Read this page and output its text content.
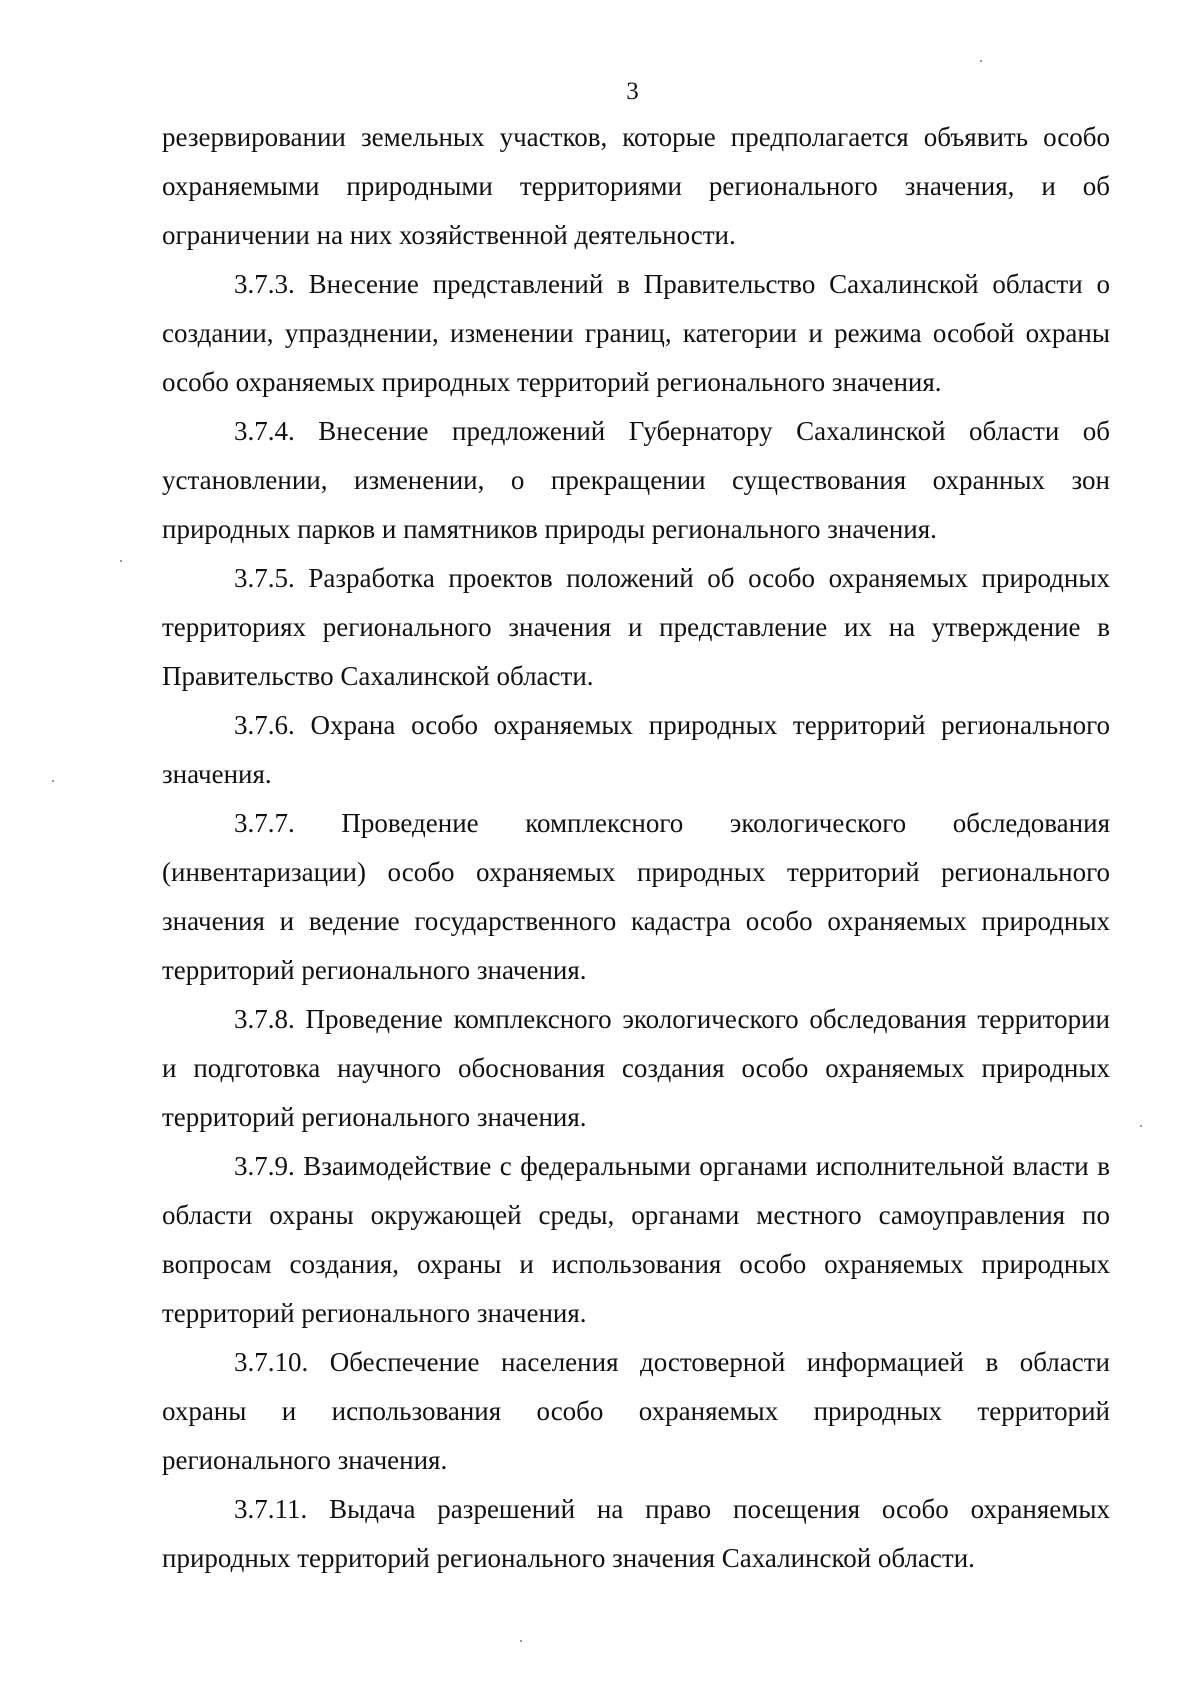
3

резервировании земельных участков, которые предполагается объявить особо охраняемыми природными территориями регионального значения, и об ограничении на них хозяйственной деятельности.

3.7.3. Внесение представлений в Правительство Сахалинской области о создании, упразднении, изменении границ, категории и режима особой охраны особо охраняемых природных территорий регионального значения.

3.7.4. Внесение предложений Губернатору Сахалинской области об установлении, изменении, о прекращении существования охранных зон природных парков и памятников природы регионального значения.

3.7.5. Разработка проектов положений об особо охраняемых природных территориях регионального значения и представление их на утверждение в Правительство Сахалинской области.

3.7.6. Охрана особо охраняемых природных территорий регионального значения.

3.7.7. Проведение комплексного экологического обследования (инвентаризации) особо охраняемых природных территорий регионального значения и ведение государственного кадастра особо охраняемых природных территорий регионального значения.

3.7.8. Проведение комплексного экологического обследования территории и подготовка научного обоснования создания особо охраняемых природных территорий регионального значения.

3.7.9. Взаимодействие с федеральными органами исполнительной власти в области охраны окружающей среды, органами местного самоуправления по вопросам создания, охраны и использования особо охраняемых природных территорий регионального значения.

3.7.10. Обеспечение населения достоверной информацией в области охраны и использования особо охраняемых природных территорий регионального значения.

3.7.11. Выдача разрешений на право посещения особо охраняемых природных территорий регионального значения Сахалинской области.
